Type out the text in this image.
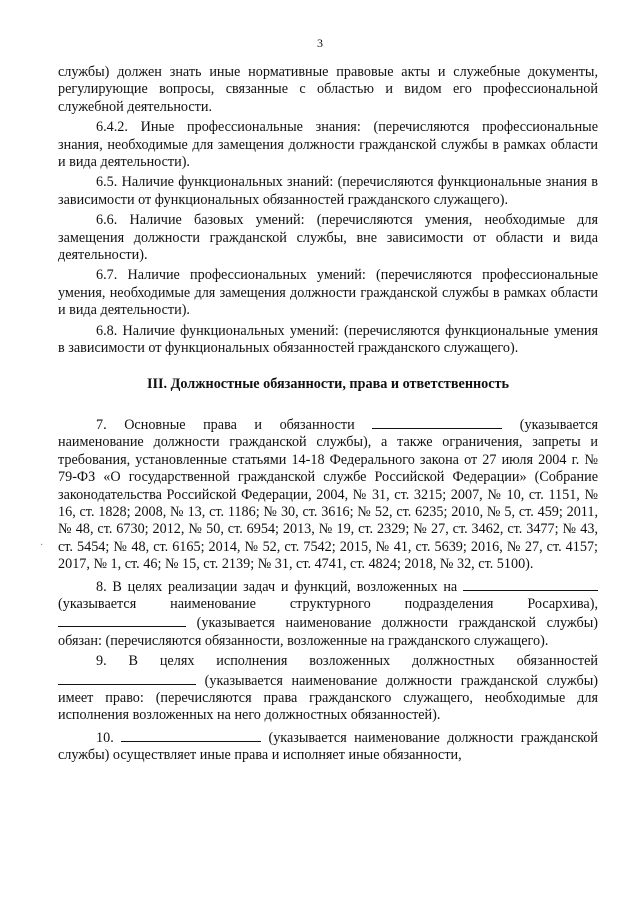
3
·

службы) должен знать иные нормативные правовые акты и служебные документы, регулирующие вопросы, связанные с областью и видом его профессиональной служебной деятельности.

6.4.2. Иные профессиональные знания: (перечисляются профессиональные знания, необходимые для замещения должности гражданской службы в рамках области и вида деятельности).

6.5. Наличие функциональных знаний: (перечисляются функциональные знания в зависимости от функциональных обязанностей гражданского служащего).

6.6. Наличие базовых умений: (перечисляются умения, необходимые для замещения должности гражданской службы, вне зависимости от области и вида деятельности).

6.7. Наличие профессиональных умений: (перечисляются профессиональные умения, необходимые для замещения должности гражданской службы в рамках области и вида деятельности).

6.8. Наличие функциональных умений: (перечисляются функциональные умения в зависимости от функциональных обязанностей гражданского служащего).

III. Должностные обязанности, права и ответственность

7. Основные права и обязанности	(указывается наименование должности гражданской службы), а также ограничения, запреты и требования, установленные статьями 14-18 Федерального закона от 27 июля 2004 г. № 79-ФЗ «О государственной гражданской службе Российской Федерации» (Собрание законодательства Российской Федерации, 2004, № 31, ст. 3215; 2007, № 10, ст. 1151, № 16, ст. 1828; 2008, № 13, ст. 1186; № 30, ст. 3616; № 52, ст. 6235; 2010, № 5, ст. 459; 2011, № 48, ст. 6730; 2012, № 50, ст. 6954; 2013, № 19, ст. 2329; № 27, ст. 3462, ст. 3477; № 43, ст. 5454; № 48, ст. 6165; 2014, № 52, ст. 7542; 2015, № 41, ст. 5639; 2016, № 27, ст. 4157; 2017, № 1, ст. 46; № 15, ст. 2139; № 31, ст. 4741, ст. 4824; 2018, № 32, ст. 5100).

8. В целях реализации задач и функций, возложенных на  (указывается наименование структурного подразделения Росархива),  (указывается наименование должности гражданской службы) обязан: (перечисляются обязанности, возложенные на гражданского служащего).

9. В целях исполнения возложенных должностных обязанностей  (указывается наименование должности гражданской службы) имеет право: (перечисляются права гражданского служащего, необходимые для исполнения возложенных на него должностных обязанностей).

10.	(указывается наименование должности гражданской службы) осуществляет иные права и исполняет иные обязанности,
